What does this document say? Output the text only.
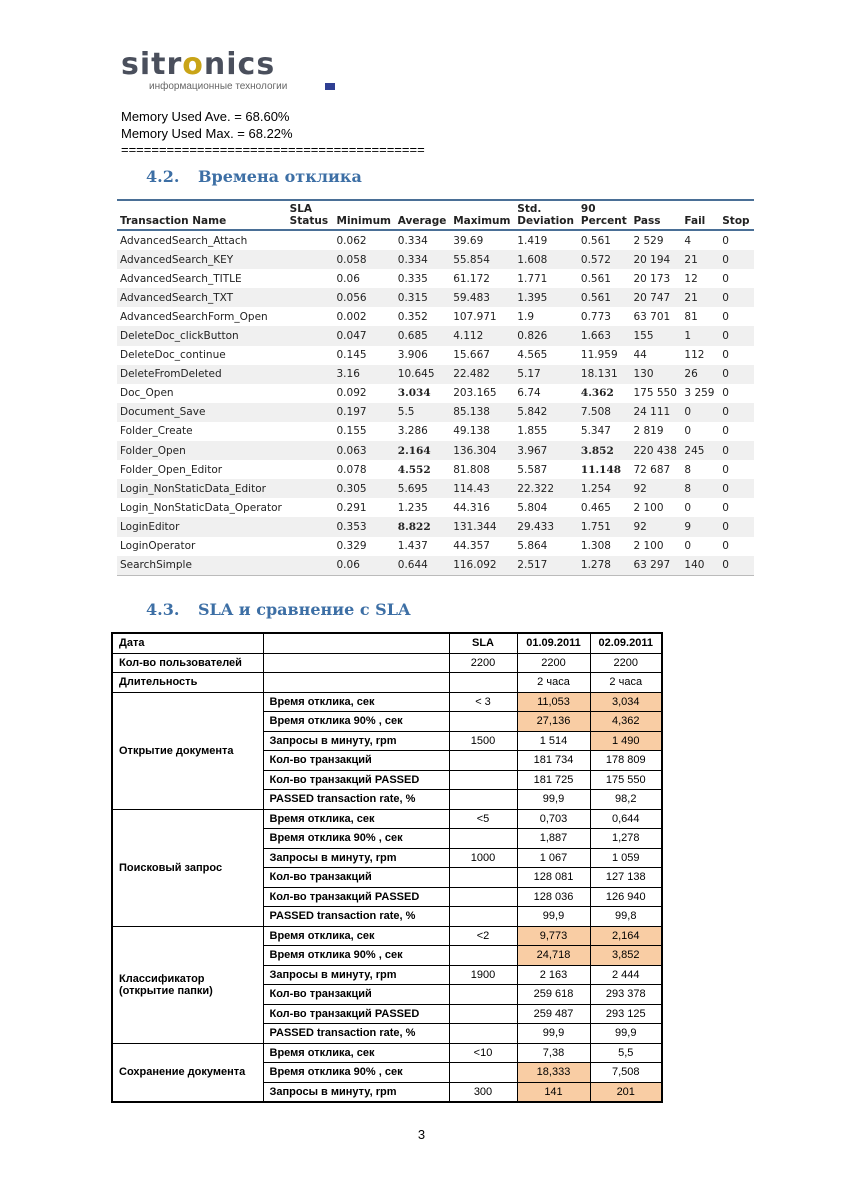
sitronics
информационные технологии
Memory Used Ave. = 68.60%
Memory Used Max. = 68.22%
========================================
4.2. Времена отклика
Transaction Name	SLA Status	Minimum	Average	Maximum	Std. Deviation	90 Percent	Pass	Fail	Stop
AdvancedSearch_Attach		0.062	0.334	39.69	1.419	0.561	2 529	4	0
AdvancedSearch_KEY		0.058	0.334	55.854	1.608	0.572	20 194	21	0
AdvancedSearch_TITLE		0.06	0.335	61.172	1.771	0.561	20 173	12	0
AdvancedSearch_TXT		0.056	0.315	59.483	1.395	0.561	20 747	21	0
AdvancedSearchForm_Open		0.002	0.352	107.971	1.9	0.773	63 701	81	0
DeleteDoc_clickButton		0.047	0.685	4.112	0.826	1.663	155	1	0
DeleteDoc_continue		0.145	3.906	15.667	4.565	11.959	44	112	0
DeleteFromDeleted		3.16	10.645	22.482	5.17	18.131	130	26	0
Doc_Open		0.092	3.034	203.165	6.74	4.362	175 550	3 259	0
Document_Save		0.197	5.5	85.138	5.842	7.508	24 111	0	0
Folder_Create		0.155	3.286	49.138	1.855	5.347	2 819	0	0
Folder_Open		0.063	2.164	136.304	3.967	3.852	220 438	245	0
Folder_Open_Editor		0.078	4.552	81.808	5.587	11.148	72 687	8	0
Login_NonStaticData_Editor		0.305	5.695	114.43	22.322	1.254	92	8	0
Login_NonStaticData_Operator		0.291	1.235	44.316	5.804	0.465	2 100	0	0
LoginEditor		0.353	8.822	131.344	29.433	1.751	92	9	0
LoginOperator		0.329	1.437	44.357	5.864	1.308	2 100	0	0
SearchSimple		0.06	0.644	116.092	2.517	1.278	63 297	140	0
4.3. SLA и сравнение с SLA
Дата		SLA	01.09.2011	02.09.2011
Кол-во пользователей		2200	2200	2200
Длительность			2 часа	2 часа
Открытие документа	Время отклика, сек	< 3	11,053	3,034
	Время отклика 90% , сек		27,136	4,362
	Запросы в минуту, rpm	1500	1 514	1 490
	Кол-во транзакций		181 734	178 809
	Кол-во транзакций PASSED		181 725	175 550
	PASSED transaction rate, %		99,9	98,2
Поисковый запрос	Время отклика, сек	<5	0,703	0,644
	Время отклика 90% , сек		1,887	1,278
	Запросы в минуту, rpm	1000	1 067	1 059
	Кол-во транзакций		128 081	127 138
	Кол-во транзакций PASSED		128 036	126 940
	PASSED transaction rate, %		99,9	99,8
Классификатор (открытие папки)	Время отклика, сек	<2	9,773	2,164
	Время отклика 90% , сек		24,718	3,852
	Запросы в минуту, rpm	1900	2 163	2 444
	Кол-во транзакций		259 618	293 378
	Кол-во транзакций PASSED		259 487	293 125
	PASSED transaction rate, %		99,9	99,9
Сохранение документа	Время отклика, сек	<10	7,38	5,5
	Время отклика 90% , сек		18,333	7,508
	Запросы в минуту, rpm	300	141	201
3
